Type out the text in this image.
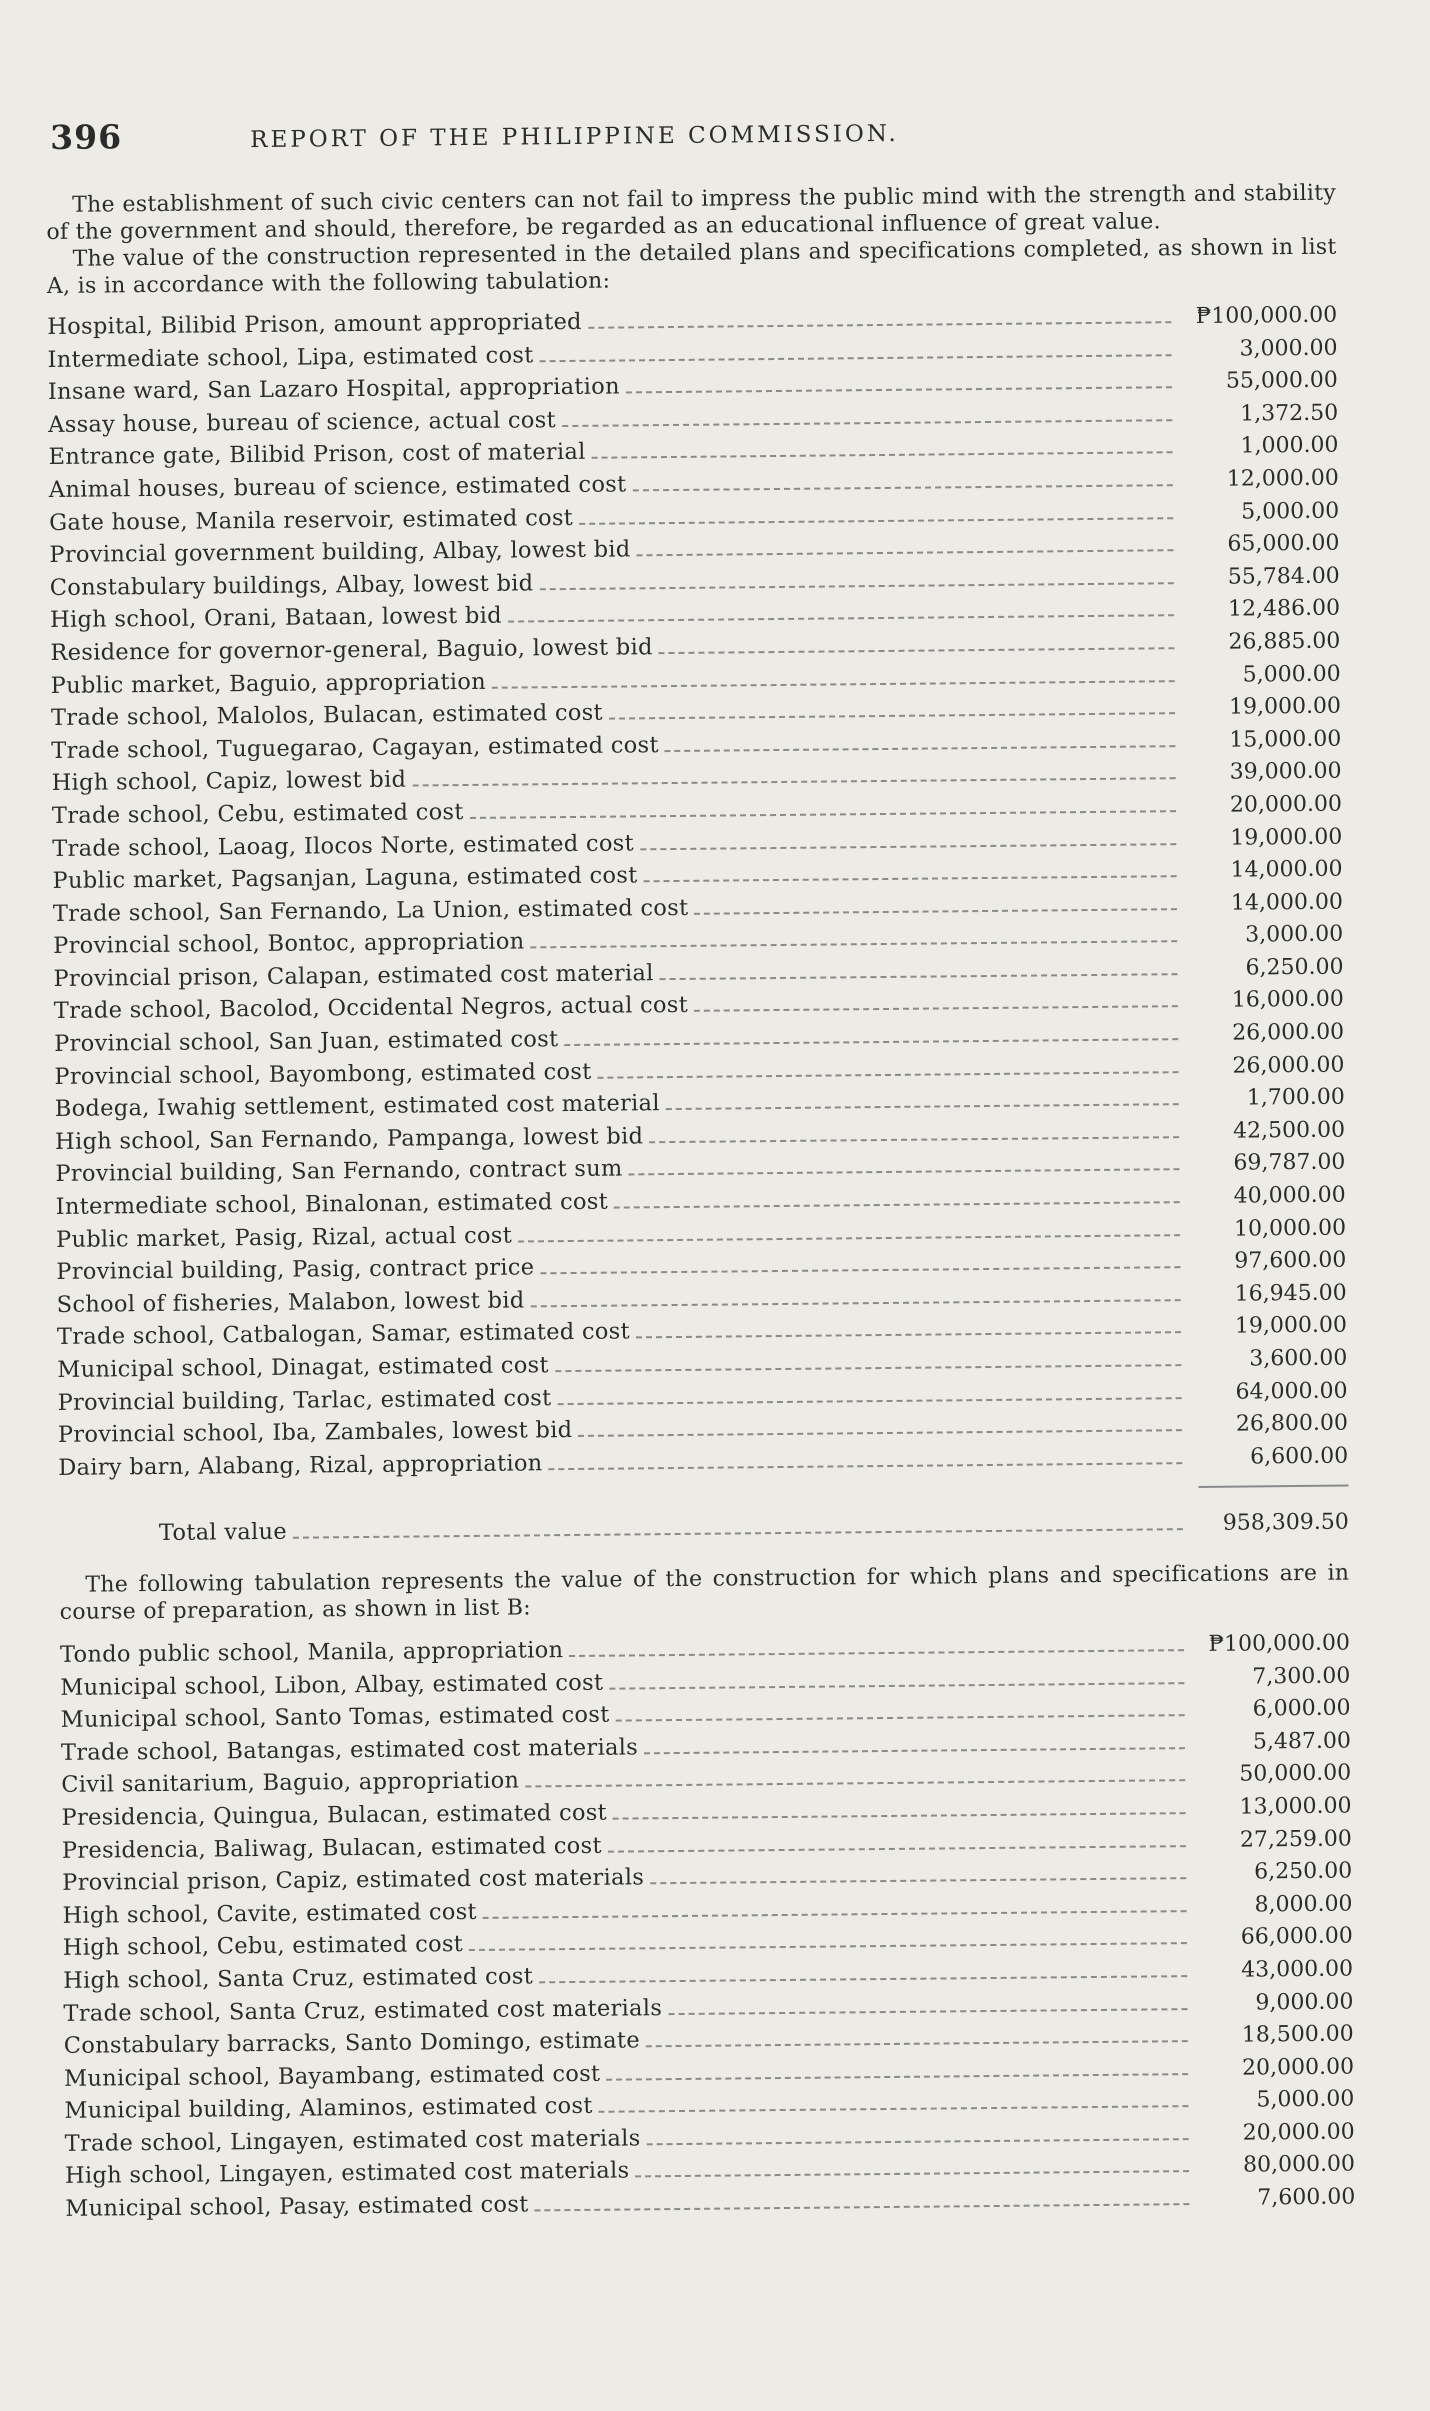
396	REPORT OF THE PHILIPPINE COMMISSION.

The establishment of such civic centers can not fail to impress the public mind with the strength and stability of the government and should, therefore, be regarded as an educational influence of great value.

The value of the construction represented in the detailed plans and specifications completed, as shown in list A, is in accordance with the following tabulation:

Hospital, Bilibid Prison, amount appropriated	₱100,000.00
Intermediate school, Lipa, estimated cost	3,000.00
Insane ward, San Lazaro Hospital, appropriation	55,000.00
Assay house, bureau of science, actual cost	1,372.50
Entrance gate, Bilibid Prison, cost of material	1,000.00
Animal houses, bureau of science, estimated cost	12,000.00
Gate house, Manila reservoir, estimated cost	5,000.00
Provincial government building, Albay, lowest bid	65,000.00
Constabulary buildings, Albay, lowest bid	55,784.00
High school, Orani, Bataan, lowest bid	12,486.00
Residence for governor-general, Baguio, lowest bid	26,885.00
Public market, Baguio, appropriation	5,000.00
Trade school, Malolos, Bulacan, estimated cost	19,000.00
Trade school, Tuguegarao, Cagayan, estimated cost	15,000.00
High school, Capiz, lowest bid	39,000.00
Trade school, Cebu, estimated cost	20,000.00
Trade school, Laoag, Ilocos Norte, estimated cost	19,000.00
Public market, Pagsanjan, Laguna, estimated cost	14,000.00
Trade school, San Fernando, La Union, estimated cost	14,000.00
Provincial school, Bontoc, appropriation	3,000.00
Provincial prison, Calapan, estimated cost material	6,250.00
Trade school, Bacolod, Occidental Negros, actual cost	16,000.00
Provincial school, San Juan, estimated cost	26,000.00
Provincial school, Bayombong, estimated cost	26,000.00
Bodega, Iwahig settlement, estimated cost material	1,700.00
High school, San Fernando, Pampanga, lowest bid	42,500.00
Provincial building, San Fernando, contract sum	69,787.00
Intermediate school, Binalonan, estimated cost	40,000.00
Public market, Pasig, Rizal, actual cost	10,000.00
Provincial building, Pasig, contract price	97,600.00
School of fisheries, Malabon, lowest bid	16,945.00
Trade school, Catbalogan, Samar, estimated cost	19,000.00
Municipal school, Dinagat, estimated cost	3,600.00
Provincial building, Tarlac, estimated cost	64,000.00
Provincial school, Iba, Zambales, lowest bid	26,800.00
Dairy barn, Alabang, Rizal, appropriation	6,600.00
Total value	958,309.50

The following tabulation represents the value of the construction for which plans and specifications are in course of preparation, as shown in list B:

Tondo public school, Manila, appropriation	₱100,000.00
Municipal school, Libon, Albay, estimated cost	7,300.00
Municipal school, Santo Tomas, estimated cost	6,000.00
Trade school, Batangas, estimated cost materials	5,487.00
Civil sanitarium, Baguio, appropriation	50,000.00
Presidencia, Quingua, Bulacan, estimated cost	13,000.00
Presidencia, Baliwag, Bulacan, estimated cost	27,259.00
Provincial prison, Capiz, estimated cost materials	6,250.00
High school, Cavite, estimated cost	8,000.00
High school, Cebu, estimated cost	66,000.00
High school, Santa Cruz, estimated cost	43,000.00
Trade school, Santa Cruz, estimated cost materials	9,000.00
Constabulary barracks, Santo Domingo, estimate	18,500.00
Municipal school, Bayambang, estimated cost	20,000.00
Municipal building, Alaminos, estimated cost	5,000.00
Trade school, Lingayen, estimated cost materials	20,000.00
High school, Lingayen, estimated cost materials	80,000.00
Municipal school, Pasay, estimated cost	7,600.00
